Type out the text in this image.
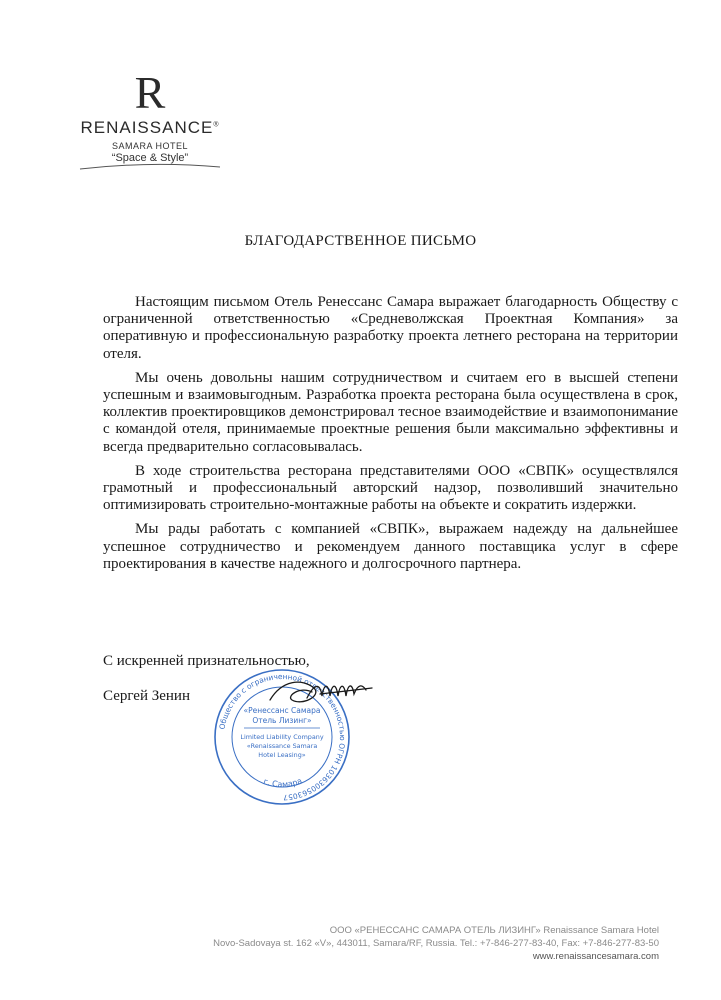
R
RENAISSANCE®
SAMARA HOTEL
“Space & Style”
БЛАГОДАРСТВЕННОЕ ПИСЬМО

Настоящим письмом Отель Ренессанс Самара выражает благодарность Обществу с ограниченной ответственностью «Средневолжская Проектная Компания» за оперативную и профессиональную разработку проекта летнего ресторана на территории отеля.

Мы очень довольны нашим сотрудничеством и считаем его в высшей степени успешным и взаимовыгодным. Разработка проекта ресторана была осуществлена в срок, коллектив проектировщиков демонстрировал тесное взаимодействие и взаимопонимание с командой отеля, принимаемые проектные решения были максимально эффективны и всегда предварительно согласовывалась.

В ходе строительства ресторана представителями ООО «СВПК» осуществлялся грамотный и профессиональный авторский надзор, позволивший значительно оптимизировать строительно-монтажные работы на объекте и сократить издержки.

Мы рады работать с компанией «СВПК», выражаем надежду на дальнейшее успешное сотрудничество и рекомендуем данного поставщика услуг в сфере проектирования в качестве надежного и долгосрочного партнера.

С искренней признательностью,
Сергей Зенин
Общество с ограниченной ответственностью ОГРН 1036300563057
г. Самара
«Ренессанс Самара
Отель Лизинг»
Limited Liability Company
«Renaissance Samara
Hotel Leasing»
ООО «РЕНЕССАНС САМАРА ОТЕЛЬ ЛИЗИНГ» Renaissance Samara Hotel
Novo-Sadovaya st. 162 «V», 443011, Samara/RF, Russia. Tel.: +7-846-277-83-40, Fax: +7-846-277-83-50
www.renaissancesamara.com
